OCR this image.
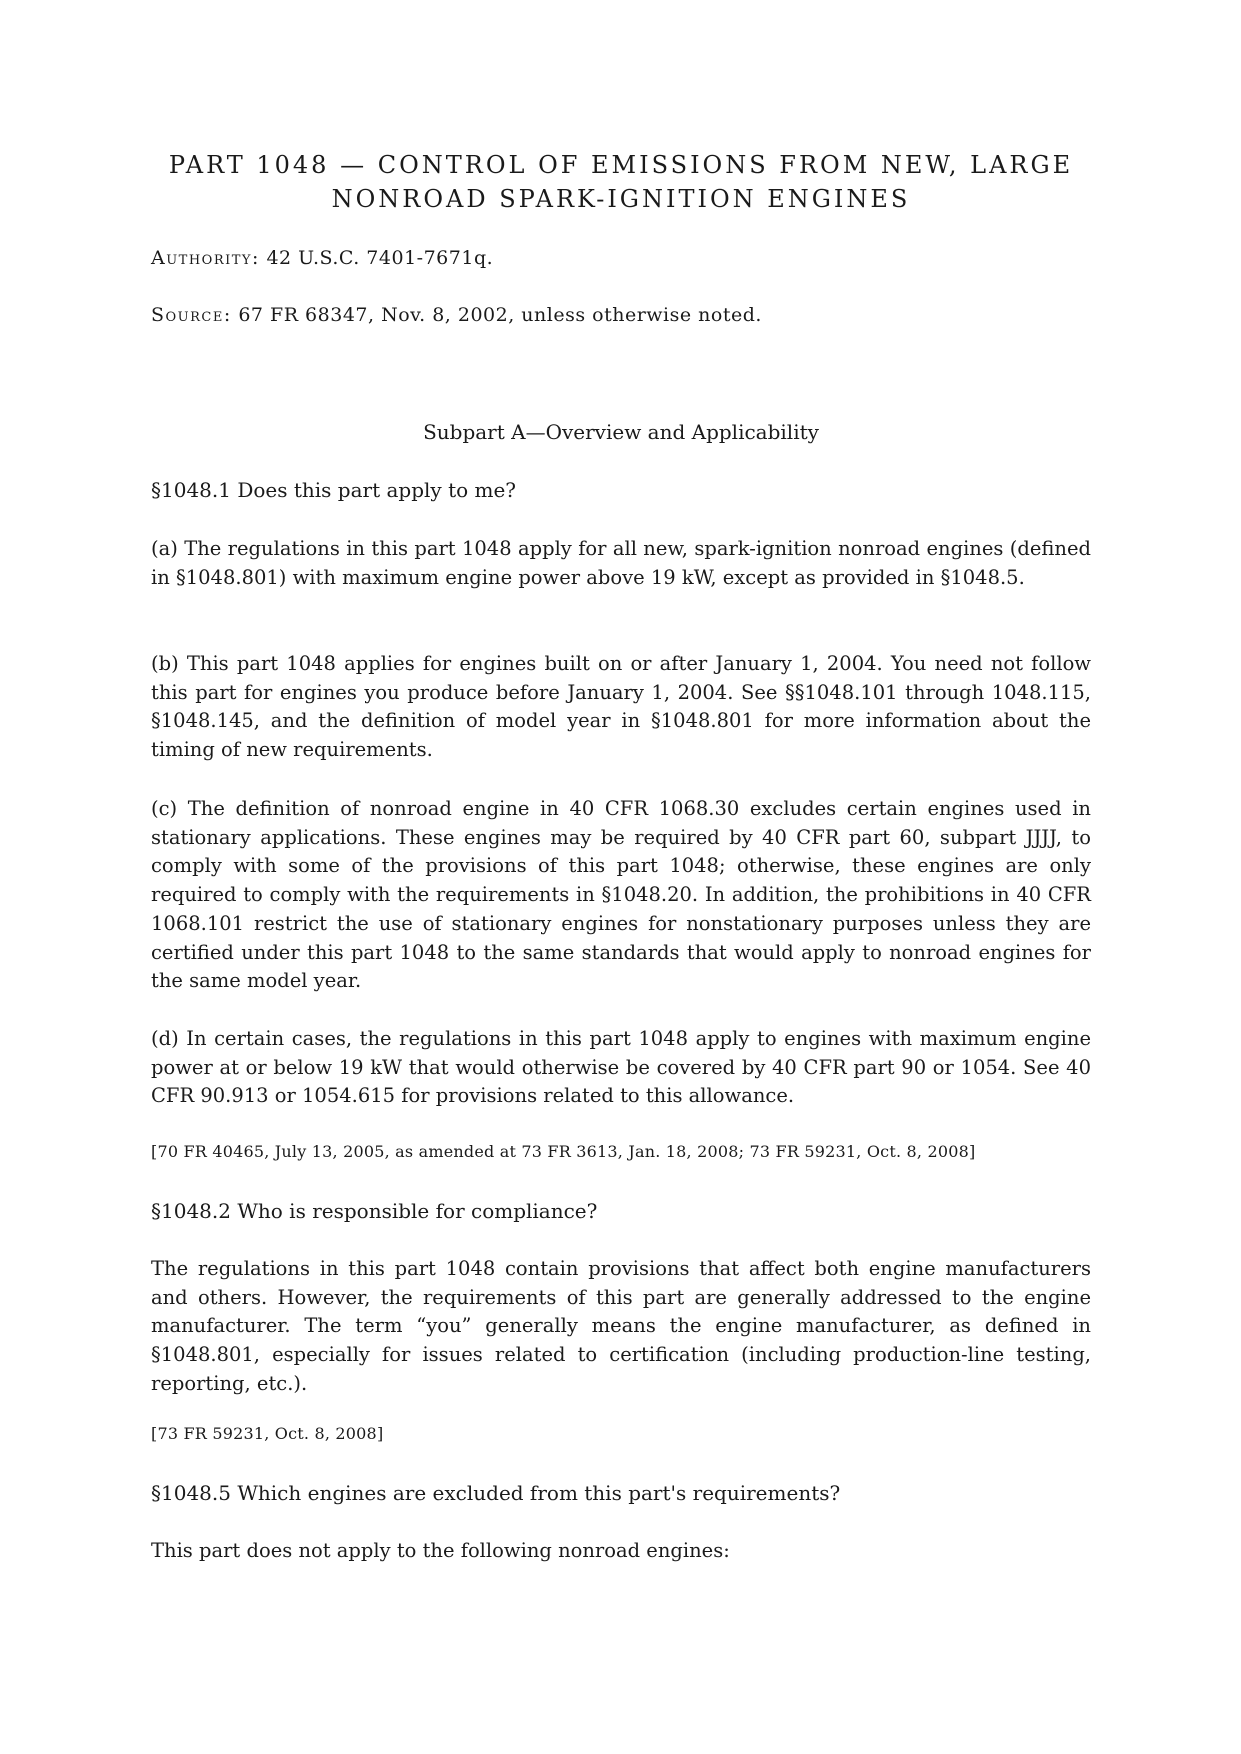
PART 1048 — CONTROL OF EMISSIONS FROM NEW, LARGE
NONROAD SPARK-IGNITION ENGINES

Authority: 42 U.S.C. 7401-7671q.

Source: 67 FR 68347, Nov. 8, 2002, unless otherwise noted.

Subpart A—Overview and Applicability
§1048.1 Does this part apply to me?

(a) The regulations in this part 1048 apply for all new, spark-ignition nonroad engines (defined in §1048.801) with maximum engine power above 19 kW, except as provided in §1048.5.

(b) This part 1048 applies for engines built on or after January 1, 2004. You need not follow this part for engines you produce before January 1, 2004. See §§1048.101 through 1048.115, §1048.145, and the definition of model year in §1048.801 for more information about the timing of new requirements.

(c) The definition of nonroad engine in 40 CFR 1068.30 excludes certain engines used in stationary applications. These engines may be required by 40 CFR part 60, subpart JJJJ, to comply with some of the provisions of this part 1048; otherwise, these engines are only required to comply with the requirements in §1048.20. In addition, the prohibitions in 40 CFR 1068.101 restrict the use of stationary engines for nonstationary purposes unless they are certified under this part 1048 to the same standards that would apply to nonroad engines for the same model year.

(d) In certain cases, the regulations in this part 1048 apply to engines with maximum engine power at or below 19 kW that would otherwise be covered by 40 CFR part 90 or 1054. See 40 CFR 90.913 or 1054.615 for provisions related to this allowance.

[70 FR 40465, July 13, 2005, as amended at 73 FR 3613, Jan. 18, 2008; 73 FR 59231, Oct. 8, 2008]

§1048.2 Who is responsible for compliance?

The regulations in this part 1048 contain provisions that affect both engine manufacturers and others. However, the requirements of this part are generally addressed to the engine manufacturer. The term “you” generally means the engine manufacturer, as defined in §1048.801, especially for issues related to certification (including production-line testing, reporting, etc.).

[73 FR 59231, Oct. 8, 2008]

§1048.5 Which engines are excluded from this part's requirements?

This part does not apply to the following nonroad engines:
